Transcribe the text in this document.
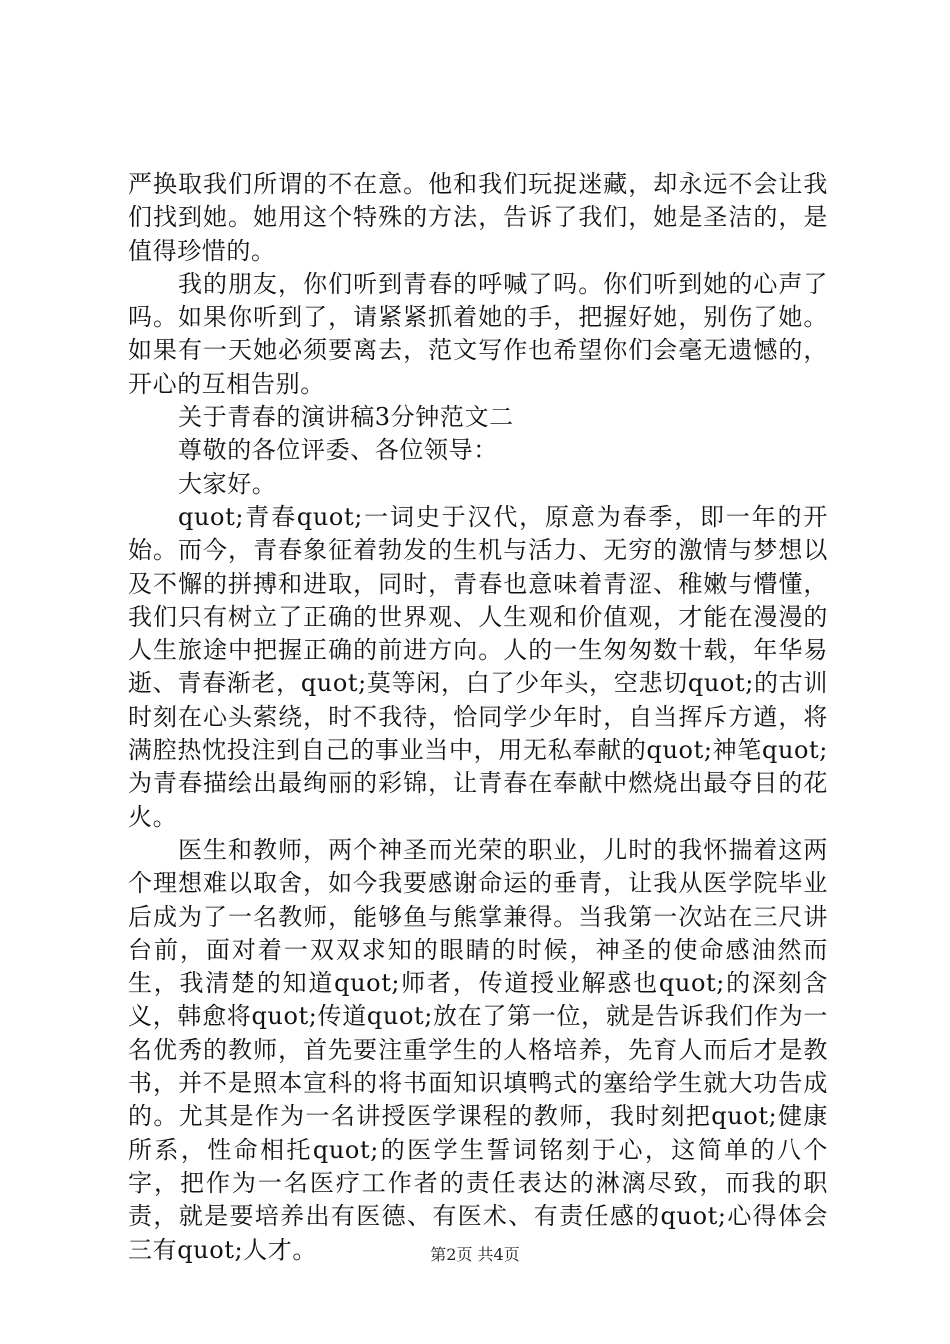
严换取我们所谓的不在意。他和我们玩捉迷藏，却永远不会让我们找到她。她用这个特殊的方法，告诉了我们，她是圣洁的，是值得珍惜的。

我的朋友，你们听到青春的呼喊了吗。你们听到她的心声了吗。如果你听到了，请紧紧抓着她的手，把握好她，别伤了她。如果有一天她必须要离去，范文写作也希望你们会毫无遗憾的，开心的互相告别。

关于青春的演讲稿3分钟范文二

尊敬的各位评委、各位领导：

大家好。

quot;青春quot;一词史于汉代，原意为春季，即一年的开始。而今，青春象征着勃发的生机与活力、无穷的激情与梦想以及不懈的拼搏和进取，同时，青春也意味着青涩、稚嫩与懵懂，我们只有树立了正确的世界观、人生观和价值观，才能在漫漫的人生旅途中把握正确的前进方向。人的一生匆匆数十载，年华易逝、青春渐老，quot;莫等闲，白了少年头，空悲切quot;的古训时刻在心头萦绕，时不我待，恰同学少年时，自当挥斥方遒，将满腔热忱投注到自己的事业当中，用无私奉献的quot;神笔quot;为青春描绘出最绚丽的彩锦，让青春在奉献中燃烧出最夺目的花火。

医生和教师，两个神圣而光荣的职业，儿时的我怀揣着这两个理想难以取舍，如今我要感谢命运的垂青，让我从医学院毕业后成为了一名教师，能够鱼与熊掌兼得。当我第一次站在三尺讲台前，面对着一双双求知的眼睛的时候，神圣的使命感油然而生，我清楚的知道quot;师者，传道授业解惑也quot;的深刻含义，韩愈将quot;传道quot;放在了第一位，就是告诉我们作为一名优秀的教师，首先要注重学生的人格培养，先育人而后才是教书，并不是照本宣科的将书面知识填鸭式的塞给学生就大功告成的。尤其是作为一名讲授医学课程的教师，我时刻把quot;健康所系，性命相托quot;的医学生誓词铭刻于心，这简单的八个字，把作为一名医疗工作者的责任表达的淋漓尽致，而我的职责，就是要培养出有医德、有医术、有责任感的quot;心得体会三有quot;人才。	第2页 共4页
